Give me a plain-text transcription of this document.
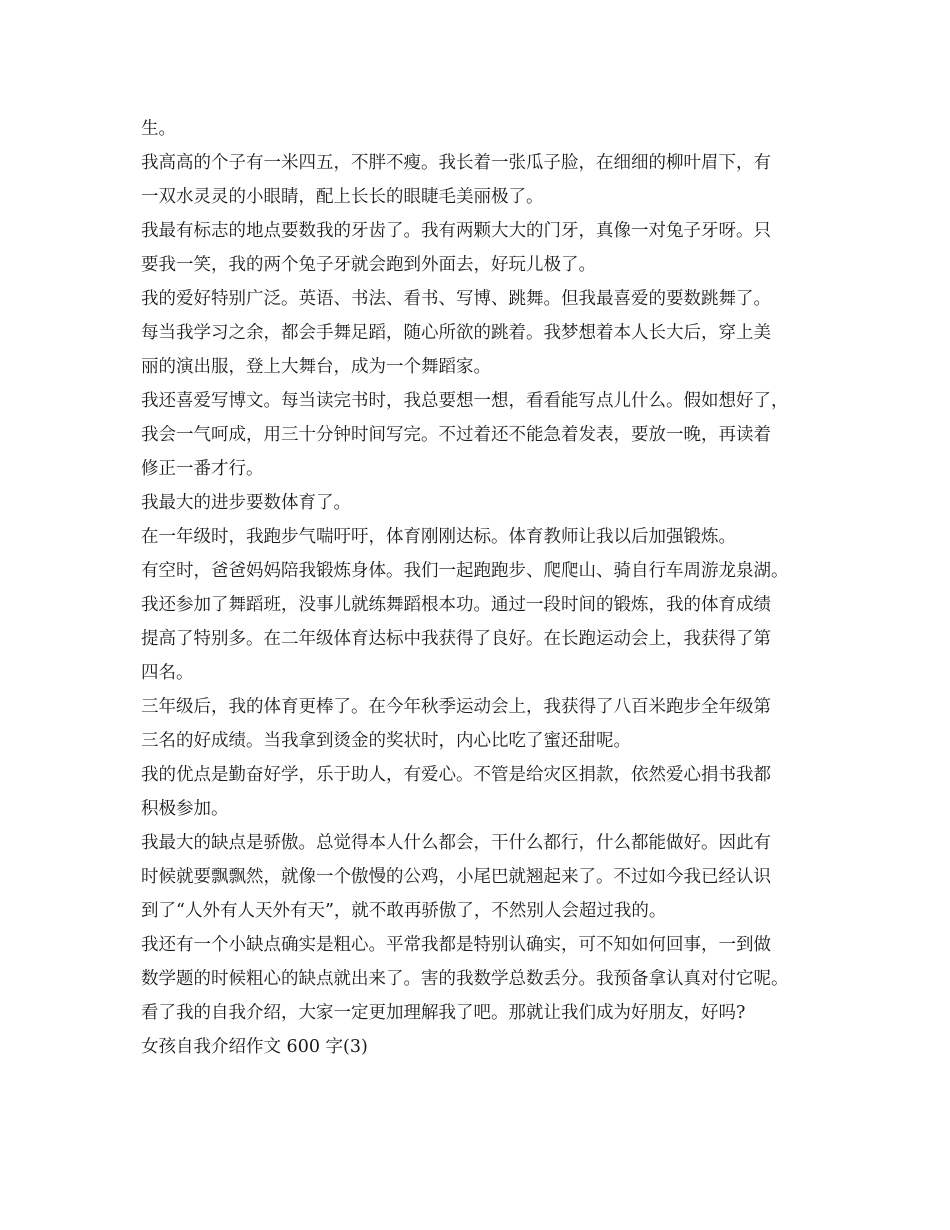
生。
我高高的个子有一米四五，不胖不瘦。我长着一张瓜子脸，在细细的柳叶眉下，有
一双水灵灵的小眼睛，配上长长的眼睫毛美丽极了。
我最有标志的地点要数我的牙齿了。我有两颗大大的门牙，真像一对兔子牙呀。只
要我一笑，我的两个兔子牙就会跑到外面去，好玩儿极了。
我的爱好特别广泛。英语、书法、看书、写博、跳舞。但我最喜爱的要数跳舞了。
每当我学习之余，都会手舞足蹈，随心所欲的跳着。我梦想着本人长大后，穿上美
丽的演出服，登上大舞台，成为一个舞蹈家。
我还喜爱写博文。每当读完书时，我总要想一想，看看能写点儿什么。假如想好了，
我会一气呵成，用三十分钟时间写完。不过着还不能急着发表，要放一晚，再读着
修正一番才行。
我最大的进步要数体育了。
在一年级时，我跑步气喘吁吁，体育刚刚达标。体育教师让我以后加强锻炼。
有空时，爸爸妈妈陪我锻炼身体。我们一起跑跑步、爬爬山、骑自行车周游龙泉湖。
我还参加了舞蹈班，没事儿就练舞蹈根本功。通过一段时间的锻炼，我的体育成绩
提高了特别多。在二年级体育达标中我获得了良好。在长跑运动会上，我获得了第
四名。
三年级后，我的体育更棒了。在今年秋季运动会上，我获得了八百米跑步全年级第
三名的好成绩。当我拿到烫金的奖状时，内心比吃了蜜还甜呢。
我的优点是勤奋好学，乐于助人，有爱心。不管是给灾区捐款，依然爱心捐书我都
积极参加。
我最大的缺点是骄傲。总觉得本人什么都会，干什么都行，什么都能做好。因此有
时候就要飘飘然，就像一个傲慢的公鸡，小尾巴就翘起来了。不过如今我已经认识
到了“人外有人天外有天”，就不敢再骄傲了，不然别人会超过我的。
我还有一个小缺点确实是粗心。平常我都是特别认确实，可不知如何回事，一到做
数学题的时候粗心的缺点就出来了。害的我数学总数丢分。我预备拿认真对付它呢。
看了我的自我介绍，大家一定更加理解我了吧。那就让我们成为好朋友，好吗?
女孩自我介绍作文 600 字(3)
